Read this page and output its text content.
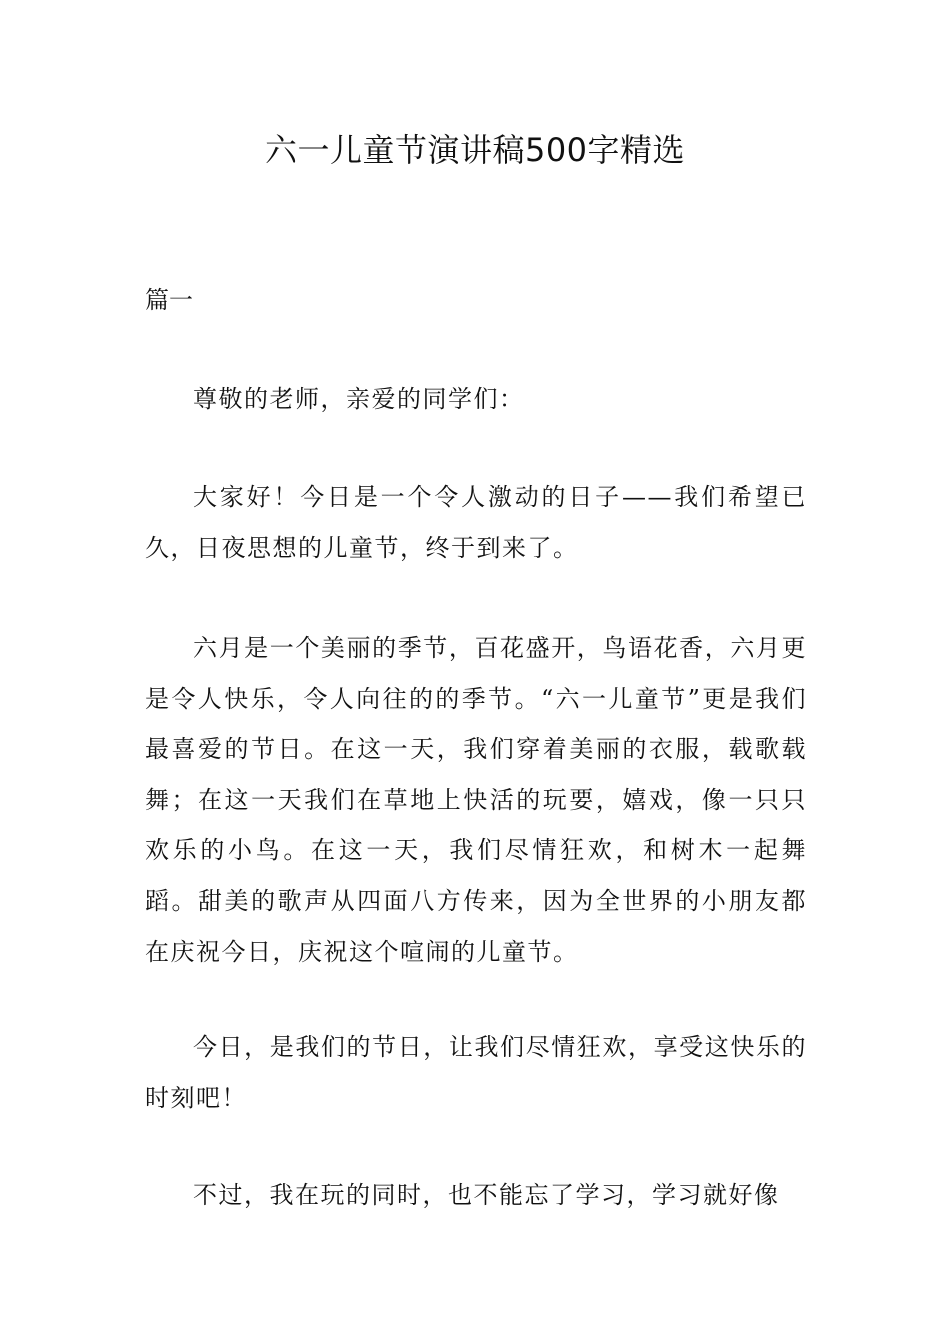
六一儿童节演讲稿500字精选

篇一

尊敬的老师，亲爱的同学们：

大家好！今日是一个令人激动的日子——我们希望已久，日夜思想的儿童节，终于到来了。

六月是一个美丽的季节，百花盛开，鸟语花香，六月更是令人快乐，令人向往的的季节。“六一儿童节”更是我们最喜爱的节日。在这一天，我们穿着美丽的衣服，载歌载舞；在这一天我们在草地上快活的玩要，嬉戏，像一只只欢乐的小鸟。在这一天，我们尽情狂欢，和树木一起舞蹈。甜美的歌声从四面八方传来，因为全世界的小朋友都在庆祝今日，庆祝这个喧闹的儿童节。

今日，是我们的节日，让我们尽情狂欢，享受这快乐的时刻吧！

不过，我在玩的同时，也不能忘了学习，学习就好像
